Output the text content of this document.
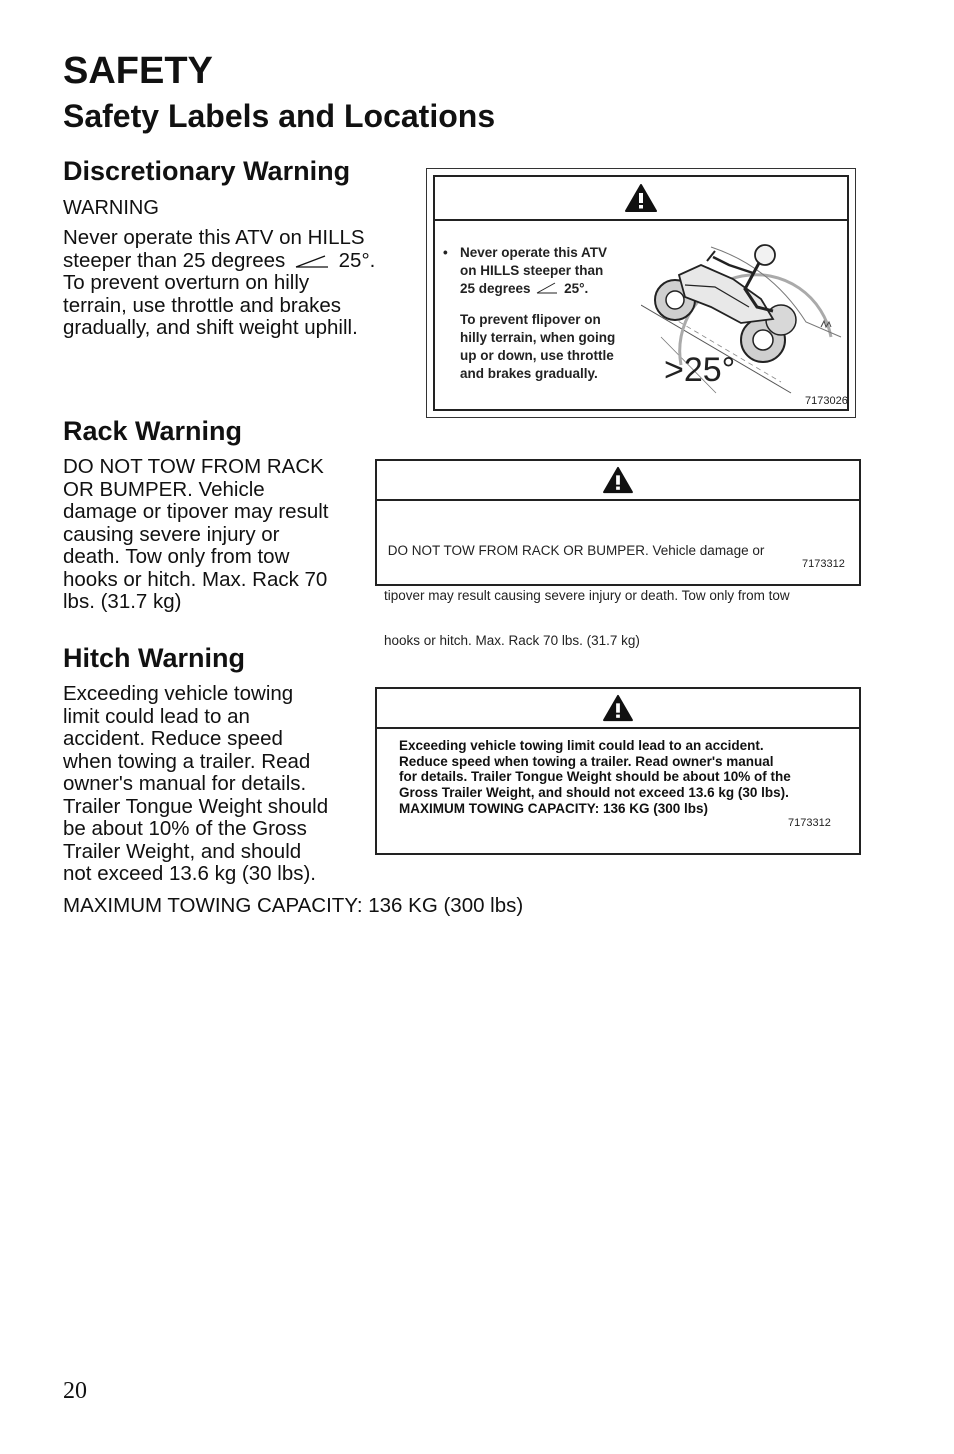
SAFETY
Safety Labels and Locations
Discretionary Warning
WARNING
Never operate this ATV on HILLS
steeper than 25 degrees	25°.
To prevent overturn on hilly
terrain, use throttle and brakes
gradually, and shift weight uphill.
• Never operate this ATV
on HILLS steeper than
25 degrees 25°.
To prevent flipover on
hilly terrain, when going
up or down, use throttle
and brakes gradually.	>25°
7173026
Rack Warning
DO NOT TOW FROM RACK
OR BUMPER. Vehicle
damage or tipover may result
causing severe injury or
death. Tow only from tow
hooks or hitch. Max. Rack 70
lbs. (31.7 kg)

DO NOT TOW FROM RACK OR BUMPER. Vehicle damage or

tipover may result causing severe injury or death. Tow only from tow

hooks or hitch. Max. Rack 70 lbs. (31.7 kg)

7173312
Hitch Warning
Exceeding vehicle towing
limit could lead to an
accident. Reduce speed
when towing a trailer. Read
owner's manual for details.
Trailer Tongue Weight should
be about 10% of the Gross
Trailer Weight, and should
not exceed 13.6 kg (30 lbs).
MAXIMUM TOWING CAPACITY: 136 KG (300 lbs)
Exceeding vehicle towing limit could lead to an accident.
Reduce speed when towing a trailer. Read owner's manual
for details. Trailer Tongue Weight should be about 10% of the
Gross Trailer Weight, and should not exceed 13.6 kg (30 lbs).
MAXIMUM TOWING CAPACITY: 136 KG (300 lbs)
7173312
20
